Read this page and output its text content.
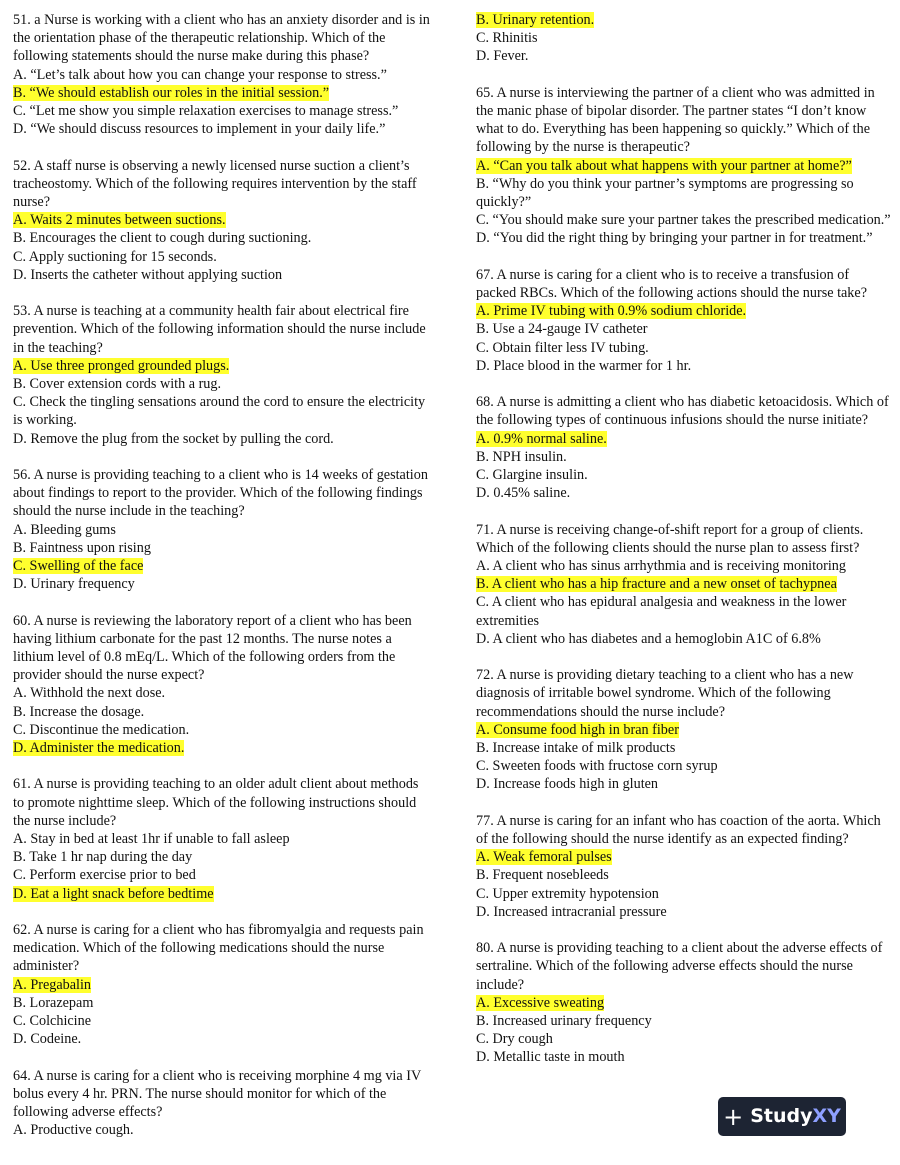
51. a Nurse is working with a client who has an anxiety disorder and is in the orientation phase of the therapeutic relationship. Which of the following statements should the nurse make during this phase?
A. “Let’s talk about how you can change your response to stress.”
B. “We should establish our roles in the initial session.”
C. “Let me show you simple relaxation exercises to manage stress.”
D. “We should discuss resources to implement in your daily life.”
52. A staff nurse is observing a newly licensed nurse suction a client’s tracheostomy. Which of the following requires intervention by the staff nurse?
A. Waits 2 minutes between suctions.
B. Encourages the client to cough during suctioning.
C. Apply suctioning for 15 seconds.
D. Inserts the catheter without applying suction
53. A nurse is teaching at a community health fair about electrical fire prevention. Which of the following information should the nurse include in the teaching?
A. Use three pronged grounded plugs.
B. Cover extension cords with a rug.
C. Check the tingling sensations around the cord to ensure the electricity is working.
D. Remove the plug from the socket by pulling the cord.
56. A nurse is providing teaching to a client who is 14 weeks of gestation about findings to report to the provider. Which of the following findings should the nurse include in the teaching?
A. Bleeding gums
B. Faintness upon rising
C. Swelling of the face
D. Urinary frequency
60. A nurse is reviewing the laboratory report of a client who has been having lithium carbonate for the past 12 months. The nurse notes a lithium level of 0.8 mEq/L. Which of the following orders from the provider should the nurse expect?
A. Withhold the next dose.
B. Increase the dosage.
C. Discontinue the medication.
D. Administer the medication.
61. A nurse is providing teaching to an older adult client about methods to promote nighttime sleep. Which of the following instructions should the nurse include?
A. Stay in bed at least 1hr if unable to fall asleep
B. Take 1 hr nap during the day
C. Perform exercise prior to bed
D. Eat a light snack before bedtime
62. A nurse is caring for a client who has fibromyalgia and requests pain medication. Which of the following medications should the nurse administer?
A. Pregabalin
B. Lorazepam
C. Colchicine
D. Codeine.
64. A nurse is caring for a client who is receiving morphine 4 mg via IV bolus every 4 hr. PRN. The nurse should monitor for which of the following adverse effects?
A. Productive cough.
B. Urinary retention.
C. Rhinitis
D. Fever.
65. A nurse is interviewing the partner of a client who was admitted in the manic phase of bipolar disorder. The partner states “I don’t know what to do. Everything has been happening so quickly.” Which of the following by the nurse is therapeutic?
A. “Can you talk about what happens with your partner at home?”
B. “Why do you think your partner’s symptoms are progressing so quickly?”
C. “You should make sure your partner takes the prescribed medication.”
D. “You did the right thing by bringing your partner in for treatment.”
67. A nurse is caring for a client who is to receive a transfusion of packed RBCs. Which of the following actions should the nurse take?
A. Prime IV tubing with 0.9% sodium chloride.
B. Use a 24-gauge IV catheter
C. Obtain filter less IV tubing.
D. Place blood in the warmer for 1 hr.
68. A nurse is admitting a client who has diabetic ketoacidosis. Which of the following types of continuous infusions should the nurse initiate?
A. 0.9% normal saline.
B. NPH insulin.
C. Glargine insulin.
D. 0.45% saline.
71. A nurse is receiving change-of-shift report for a group of clients. Which of the following clients should the nurse plan to assess first?
A. A client who has sinus arrhythmia and is receiving monitoring
B. A client who has a hip fracture and a new onset of tachypnea
C. A client who has epidural analgesia and weakness in the lower extremities
D. A client who has diabetes and a hemoglobin A1C of 6.8%
72. A nurse is providing dietary teaching to a client who has a new diagnosis of irritable bowel syndrome. Which of the following recommendations should the nurse include?
A. Consume food high in bran fiber
B. Increase intake of milk products
C. Sweeten foods with fructose corn syrup
D. Increase foods high in gluten
77. A nurse is caring for an infant who has coaction of the aorta. Which of the following should the nurse identify as an expected finding?
A. Weak femoral pulses
B. Frequent nosebleeds
C. Upper extremity hypotension
D. Increased intracranial pressure
80. A nurse is providing teaching to a client about the adverse effects of sertraline. Which of the following adverse effects should the nurse include?
A. Excessive sweating
B. Increased urinary frequency
C. Dry cough
D. Metallic taste in mouth
+ Study XY
